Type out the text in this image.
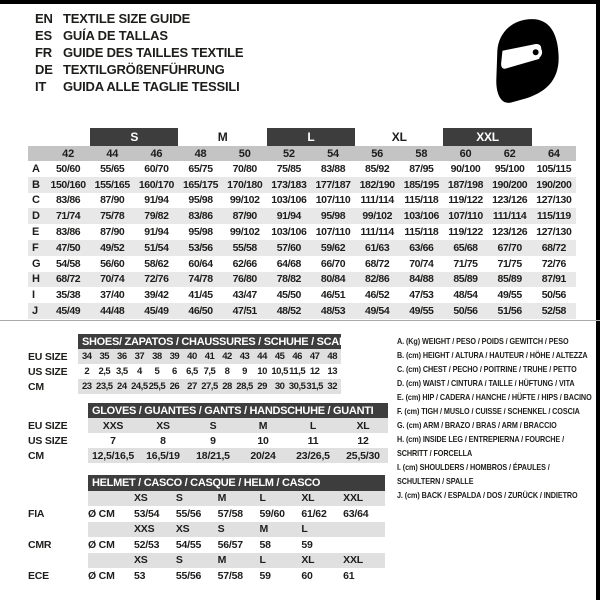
EN TEXTILE SIZE GUIDE
ES GUÍA DE TALLAS
FR GUIDE DES TAILLES TEXTILE
DE TEXTILGRÖßENFÜHRUNG
IT	GUIDA ALLE TAGLIE TESSILI
		S		M		L		XL		XXL		
	42	44	46	48	50	52	54	56	58	60	62	64
A	50/60	55/65	60/70	65/75	70/80	75/85	83/88	85/92	87/95	90/100	95/100	105/115
B	150/160	155/165	160/170	165/175	170/180	173/183	177/187	182/190	185/195	187/198	190/200	190/200
C	83/86	87/90	91/94	95/98	99/102	103/106	107/110	111/114	115/118	119/122	123/126	127/130
D	71/74	75/78	79/82	83/86	87/90	91/94	95/98	99/102	103/106	107/110	111/114	115/119
E	83/86	87/90	91/94	95/98	99/102	103/106	107/110	111/114	115/118	119/122	123/126	127/130
F	47/50	49/52	51/54	53/56	55/58	57/60	59/62	61/63	63/66	65/68	67/70	68/72
G	54/58	56/60	58/62	60/64	62/66	64/68	66/70	68/72	70/74	71/75	71/75	72/76
H	68/72	70/74	72/76	74/78	76/80	78/82	80/84	82/86	84/88	85/89	85/89	87/91
I	35/38	37/40	39/42	41/45	43/47	45/50	46/51	46/52	47/53	48/54	49/55	50/56
J	45/49	44/48	45/49	46/50	47/51	48/52	48/53	49/54	49/55	50/56	51/56	52/58
	SHOES/ ZAPATOS / CHAUSSURES / SCHUHE / SCARPE														
EU SIZE	34	35	36	37	38	39	40	41	42	43	44	45	46	47	48
US SIZE	2	2,5	3,5	4	5	6	6,5	7,5	8	9	10	10,5	11,5	12	13
CM	23	23,5	24	24,5	25,5	26	27	27,5	28	28,5	29	30	30,5	31,5	32
	GLOVES / GUANTES / GANTS / HANDSCHUHE / GUANTI					
EU SIZE	XXS	XS	S	M	L	XL
US SIZE	7	8	9	10	11	12
CM	12,5/16,5	16,5/19	18/21,5	20/24	23/26,5	25,5/30
	HELMET / CASCO / CASQUE / HELM / CASCO						
		XS	S	M	L	XL	XXL
FIA	Ø CM	53/54	55/56	57/58	59/60	61/62	63/64
		XXS	XS	S	M	L	
CMR	Ø CM	52/53	54/55	56/57	58	59	
		XS	S	M	L	XL	XXL
ECE	Ø CM	53	55/56	57/58	59	60	61
A. (Kg) WEIGHT / PESO / POIDS / GEWITCH / PESO
B. (cm) HEIGHT / ALTURA / HAUTEUR / HÖHE / ALTEZZA
C. (cm) CHEST / PECHO / POITRINE / TRUHE / PETTO
D. (cm) WAIST / CINTURA / TAILLE / HÜFTUNG / VITA
E. (cm) HIP / CADERA / HANCHE / HÜFTE / HIPS / BACINO
F. (cm) TIGH / MUSLO / CUISSE / SCHENKEL / COSCIA
G. (cm) ARM / BRAZO / BRAS / ARM / BRACCIO
H. (cm) INSIDE LEG / ENTREPIERNA / FOURCHE / SCHRITT / FORCELLA
I. (cm) SHOULDERS / HOMBROS / ÉPAULES / SCHULTERN / SPALLE
J. (cm) BACK / ESPALDA / DOS / ZURÜCK / INDIETRO
